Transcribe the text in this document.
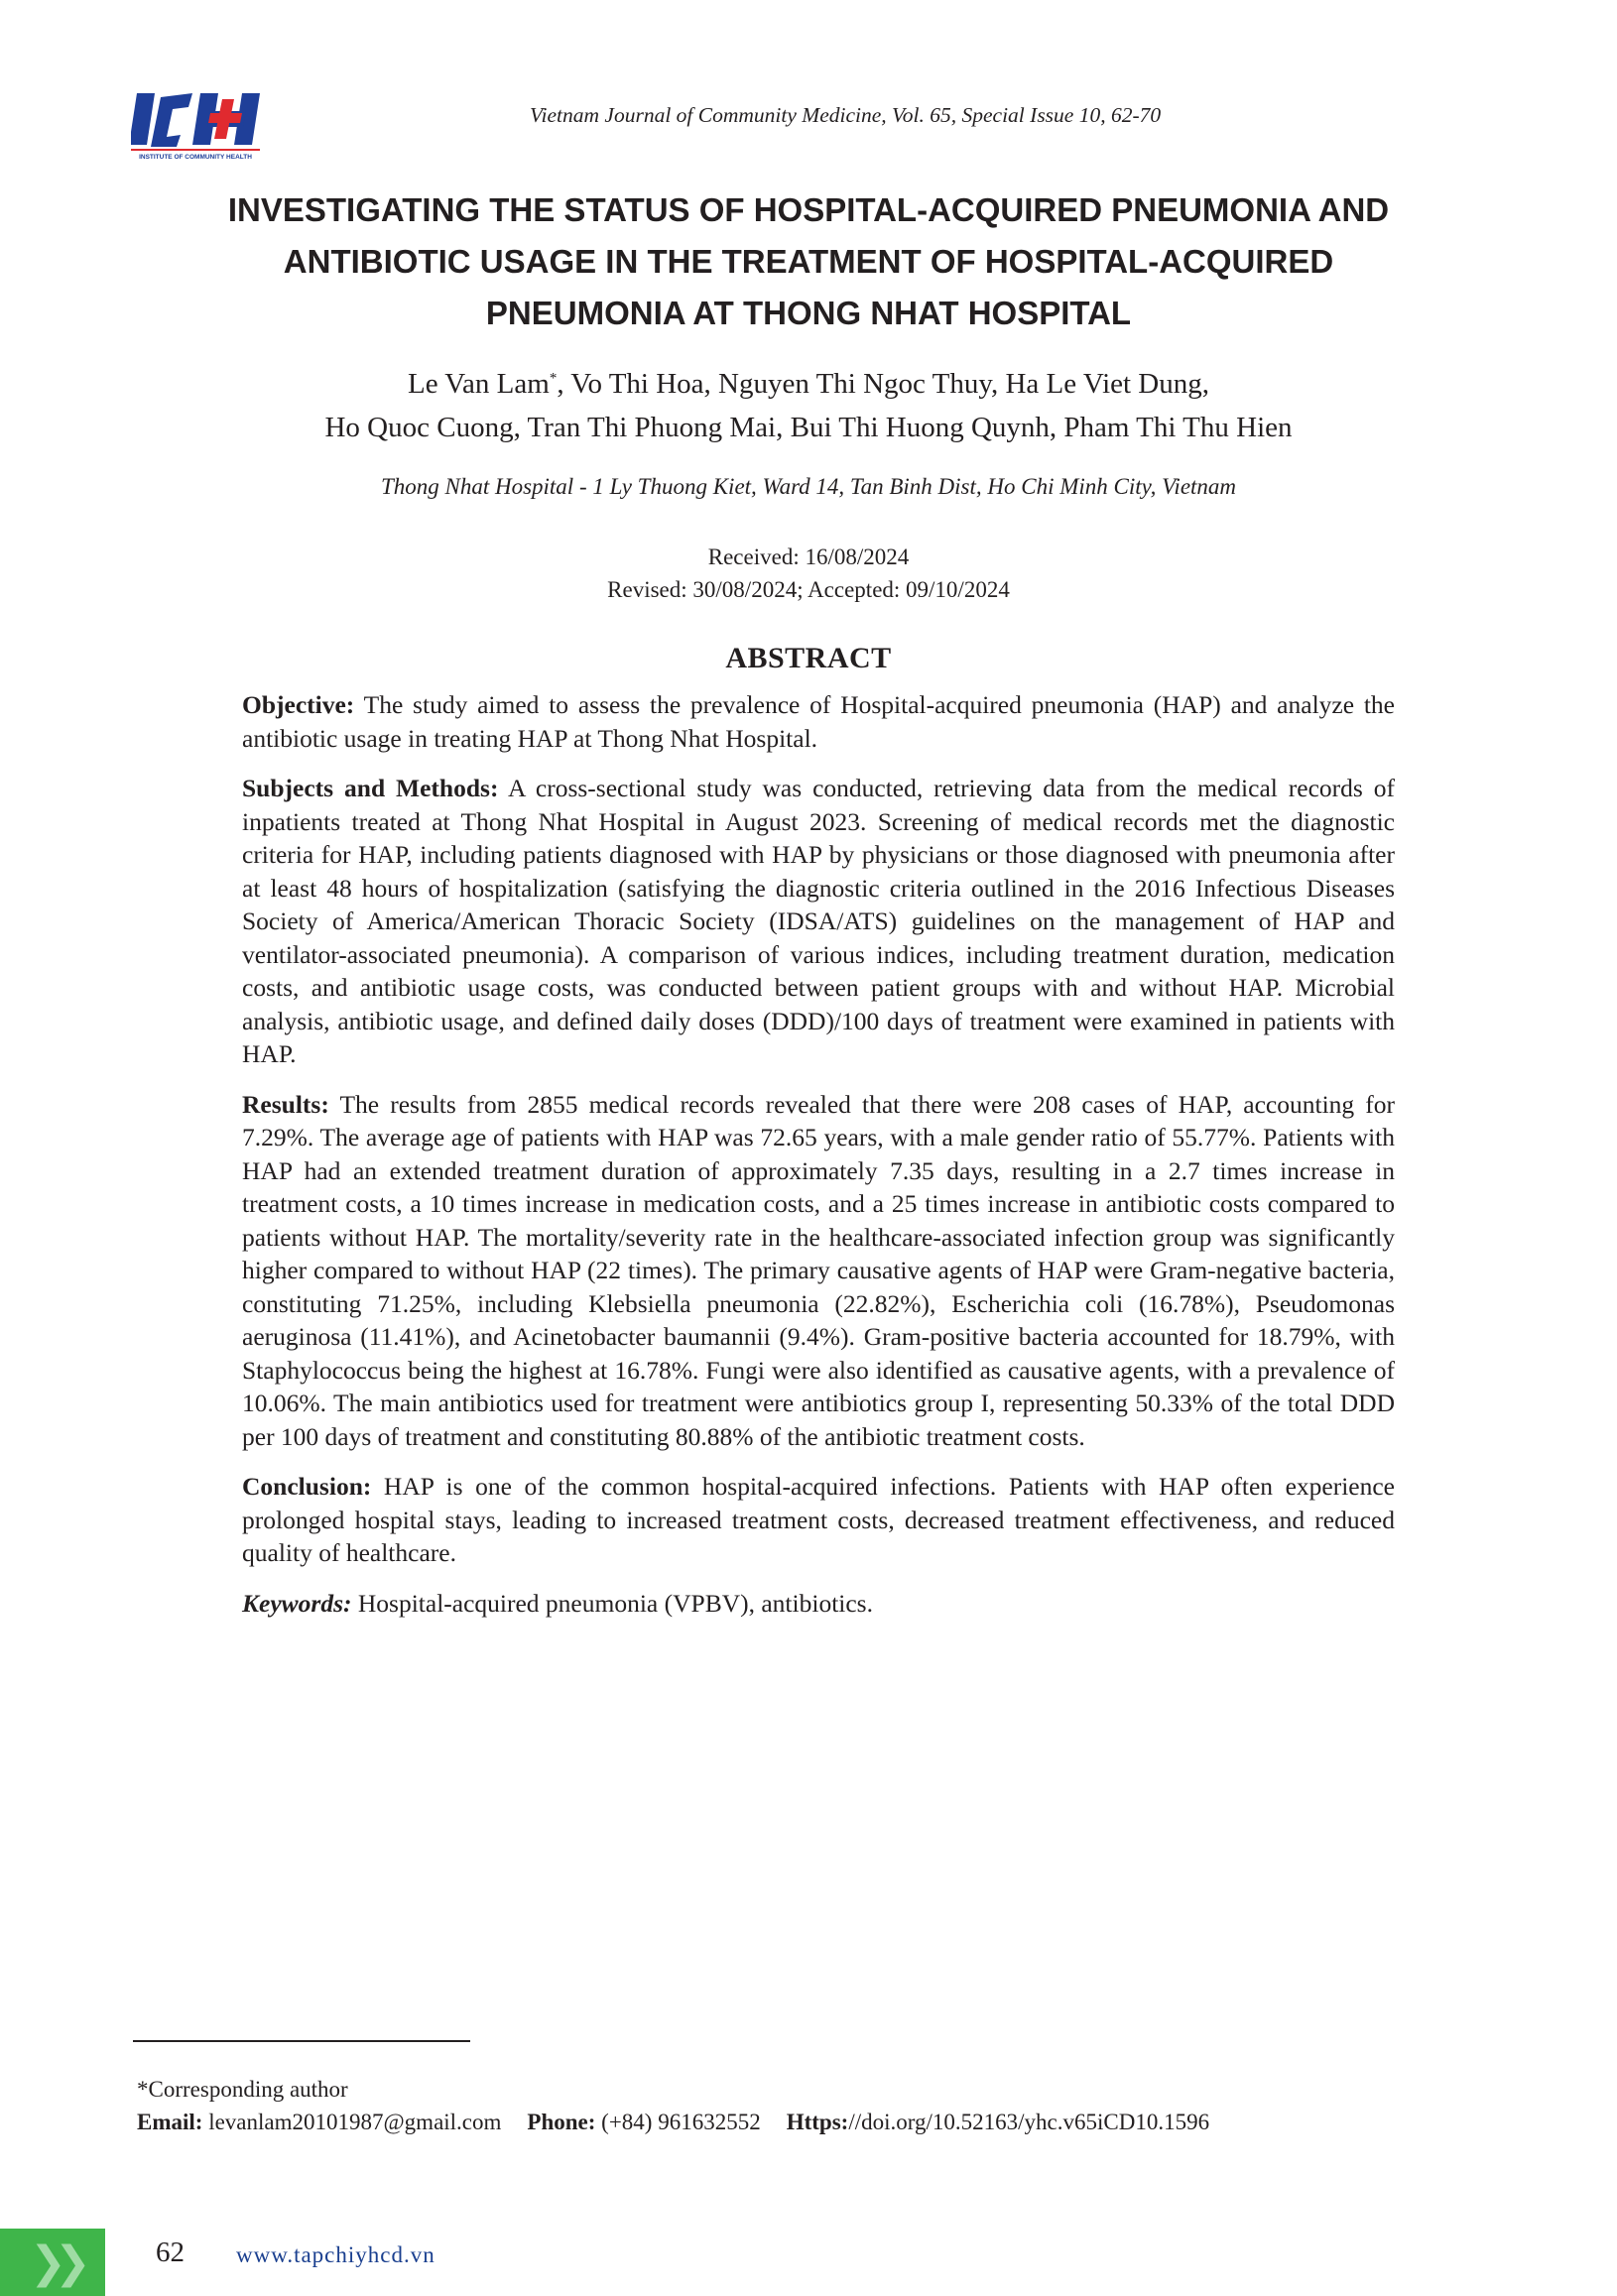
INSTITUTE OF COMMUNITY HEALTH
Vietnam Journal of Community Medicine, Vol. 65, Special Issue 10, 62-70
INVESTIGATING THE STATUS OF HOSPITAL-ACQUIRED PNEUMONIA AND
ANTIBIOTIC USAGE IN THE TREATMENT OF HOSPITAL-ACQUIRED
PNEUMONIA AT THONG NHAT HOSPITAL
Le Van Lam*, Vo Thi Hoa, Nguyen Thi Ngoc Thuy, Ha Le Viet Dung,
Ho Quoc Cuong, Tran Thi Phuong Mai, Bui Thi Huong Quynh, Pham Thi Thu Hien
Thong Nhat Hospital - 1 Ly Thuong Kiet, Ward 14, Tan Binh Dist, Ho Chi Minh City, Vietnam
Received: 16/08/2024
Revised: 30/08/2024; Accepted: 09/10/2024
ABSTRACT

Objective: The study aimed to assess the prevalence of Hospital-acquired pneumonia (HAP) and analyze the antibiotic usage in treating HAP at Thong Nhat Hospital.

Subjects and Methods: A cross-sectional study was conducted, retrieving data from the medical records of inpatients treated at Thong Nhat Hospital in August 2023. Screening of medical records met the diagnostic criteria for HAP, including patients diagnosed with HAP by physicians or those diagnosed with pneumonia after at least 48 hours of hospitalization (satisfying the diagnostic criteria outlined in the 2016 Infectious Diseases Society of America/American Thoracic Society (IDSA/ATS) guidelines on the management of HAP and ventilator-associated pneumonia). A comparison of various indices, including treatment duration, medication costs, and antibiotic usage costs, was conducted between patient groups with and without HAP. Microbial analysis, antibiotic usage, and defined daily doses (DDD)/100 days of treatment were examined in patients with HAP.

Results: The results from 2855 medical records revealed that there were 208 cases of HAP, accounting for 7.29%. The average age of patients with HAP was 72.65 years, with a male gender ratio of 55.77%. Patients with HAP had an extended treatment duration of approximately 7.35 days, resulting in a 2.7 times increase in treatment costs, a 10 times increase in medication costs, and a 25 times increase in antibiotic costs compared to patients without HAP. The mortality/severity rate in the healthcare-associated infection group was significantly higher compared to without HAP (22 times). The primary causative agents of HAP were Gram-negative bacteria, constituting 71.25%, including Klebsiella pneumonia (22.82%), Escherichia coli (16.78%), Pseudomonas aeruginosa (11.41%), and Acinetobacter baumannii (9.4%). Gram-positive bacteria accounted for 18.79%, with Staphylococcus being the highest at 16.78%. Fungi were also identified as causative agents, with a prevalence of 10.06%. The main antibiotics used for treatment were antibiotics group I, representing 50.33% of the total DDD per 100 days of treatment and constituting 80.88% of the antibiotic treatment costs.

Conclusion: HAP is one of the common hospital-acquired infections. Patients with HAP often experience prolonged hospital stays, leading to increased treatment costs, decreased treatment effectiveness, and reduced quality of healthcare.

Keywords: Hospital-acquired pneumonia (VPBV), antibiotics.

*Corresponding author
Email: levanlam20101987@gmail.com Phone: (+84) 961632552 Https://doi.org/10.52163/yhc.v65iCD10.1596
❯❯	62 www.tapchiyhcd.vn
